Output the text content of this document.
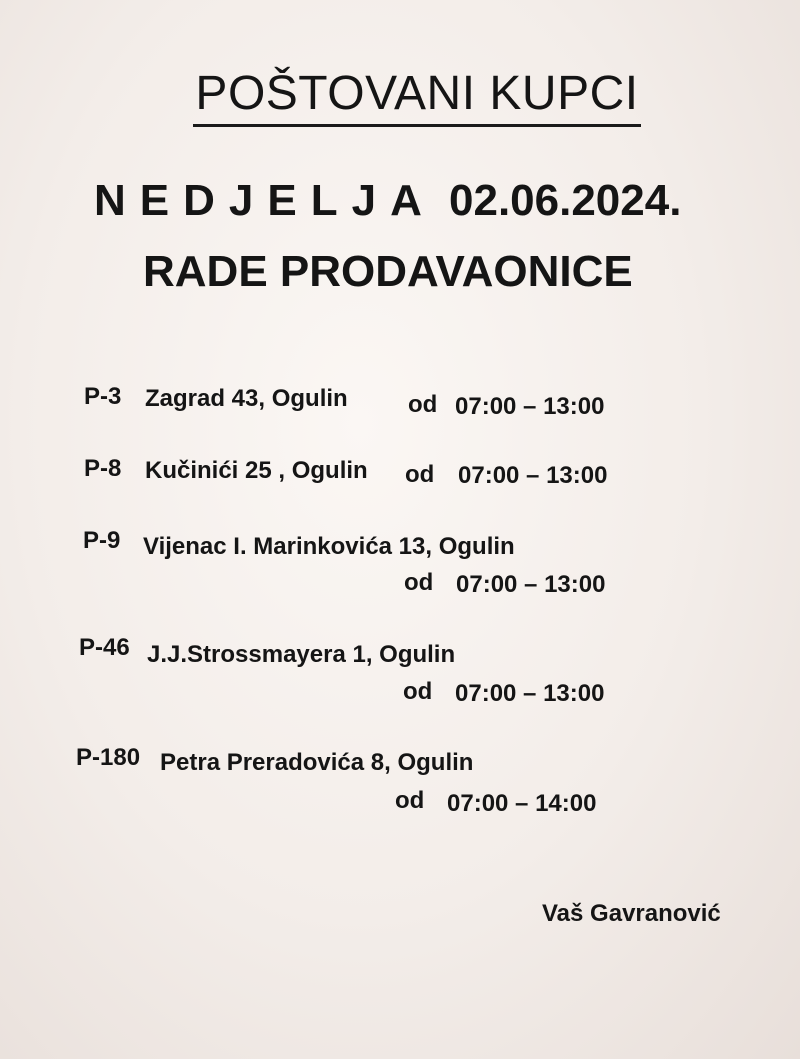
POŠTOVANI KUPCI
NEDJELJA 02.06.2024.
RADE PRODAVAONICE
P-3 Zagrad 43, Ogulin	od 07:00 – 13:00
P-8 Kučinići 25 , Ogulin od 07:00 – 13:00
P-9 Vijenac I. Marinkovića 13, Ogulin
od 07:00 – 13:00
P-46 J.J.Strossmayera 1, Ogulin
od 07:00 – 13:00
P-180 Petra Preradovića 8, Ogulin
od 07:00 – 14:00
Vaš Gavranović
